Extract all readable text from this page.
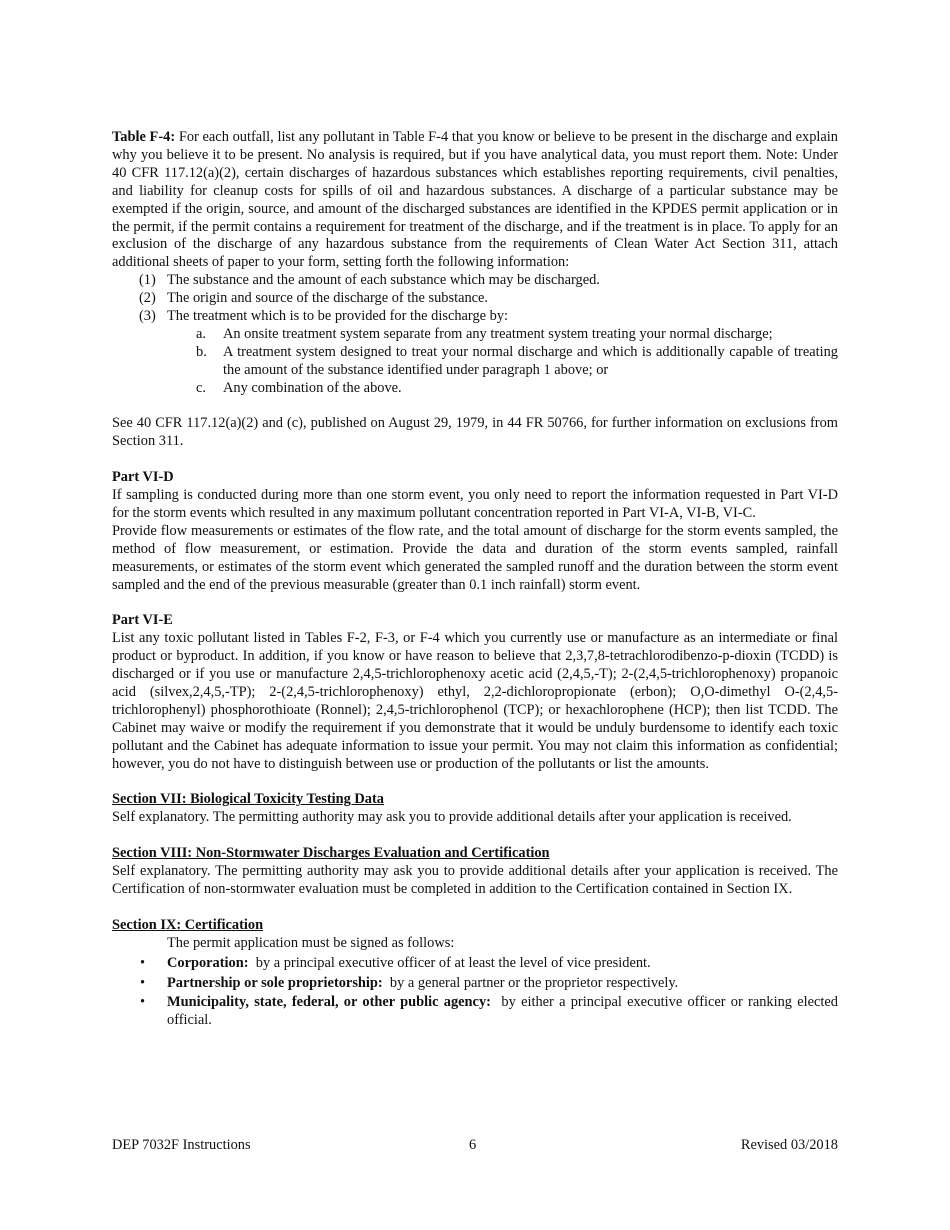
Table F-4: For each outfall, list any pollutant in Table F-4 that you know or believe to be present in the discharge and explain why you believe it to be present. No analysis is required, but if you have analytical data, you must report them. Note: Under 40 CFR 117.12(a)(2), certain discharges of hazardous substances which establishes reporting requirements, civil penalties, and liability for cleanup costs for spills of oil and hazardous substances. A discharge of a particular substance may be exempted if the origin, source, and amount of the discharged substances are identified in the KPDES permit application or in the permit, if the permit contains a requirement for treatment of the discharge, and if the treatment is in place. To apply for an exclusion of the discharge of any hazardous substance from the requirements of Clean Water Act Section 311, attach additional sheets of paper to your form, setting forth the following information:

(1) The substance and the amount of each substance which may be discharged.
(2) The origin and source of the discharge of the substance.
(3) The treatment which is to be provided for the discharge by:
a.	An onsite treatment system separate from any treatment system treating your normal discharge;
b.	A treatment system designed to treat your normal discharge and which is additionally capable of treating the amount of the substance identified under paragraph 1 above; or
c.	Any combination of the above.

See 40 CFR 117.12(a)(2) and (c), published on August 29, 1979, in 44 FR 50766, for further information on exclusions from Section 311.

Part VI-D

If sampling is conducted during more than one storm event, you only need to report the information requested in Part VI-D for the storm events which resulted in any maximum pollutant concentration reported in Part VI-A, VI-B, VI-C.

Provide flow measurements or estimates of the flow rate, and the total amount of discharge for the storm events sampled, the method of flow measurement, or estimation. Provide the data and duration of the storm events sampled, rainfall measurements, or estimates of the storm event which generated the sampled runoff and the duration between the storm event sampled and the end of the previous measurable (greater than 0.1 inch rainfall) storm event.

Part VI-E

List any toxic pollutant listed in Tables F-2, F-3, or F-4 which you currently use or manufacture as an intermediate or final product or byproduct. In addition, if you know or have reason to believe that 2,3,7,8-tetrachlorodibenzo-p-dioxin (TCDD) is discharged or if you use or manufacture 2,4,5-trichlorophenoxy acetic acid (2,4,5,-T); 2-(2,4,5-trichlorophenoxy) propanoic acid (silvex,2,4,5,-TP); 2-(2,4,5-trichlorophenoxy) ethyl, 2,2-dichloropropionate (erbon); O,O-dimethyl O-(2,4,5-trichlorophenyl) phosphorothioate (Ronnel); 2,4,5-trichlorophenol (TCP); or hexachlorophene (HCP); then list TCDD. The Cabinet may waive or modify the requirement if you demonstrate that it would be unduly burdensome to identify each toxic pollutant and the Cabinet has adequate information to issue your permit. You may not claim this information as confidential; however, you do not have to distinguish between use or production of the pollutants or list the amounts.

Section VII: Biological Toxicity Testing Data

Self explanatory. The permitting authority may ask you to provide additional details after your application is received.

Section VIII: Non-Stormwater Discharges Evaluation and Certification

Self explanatory. The permitting authority may ask you to provide additional details after your application is received. The Certification of non-stormwater evaluation must be completed in addition to the Certification contained in Section IX.

Section IX: Certification

The permit application must be signed as follows:

•	Corporation:  by a principal executive officer of at least the level of vice president.
•	Partnership or sole proprietorship:  by a general partner or the proprietor respectively.
•	Municipality, state, federal, or other public agency:  by either a principal executive officer or ranking elected official.
DEP 7032F Instructions	6	Revised 03/2018
